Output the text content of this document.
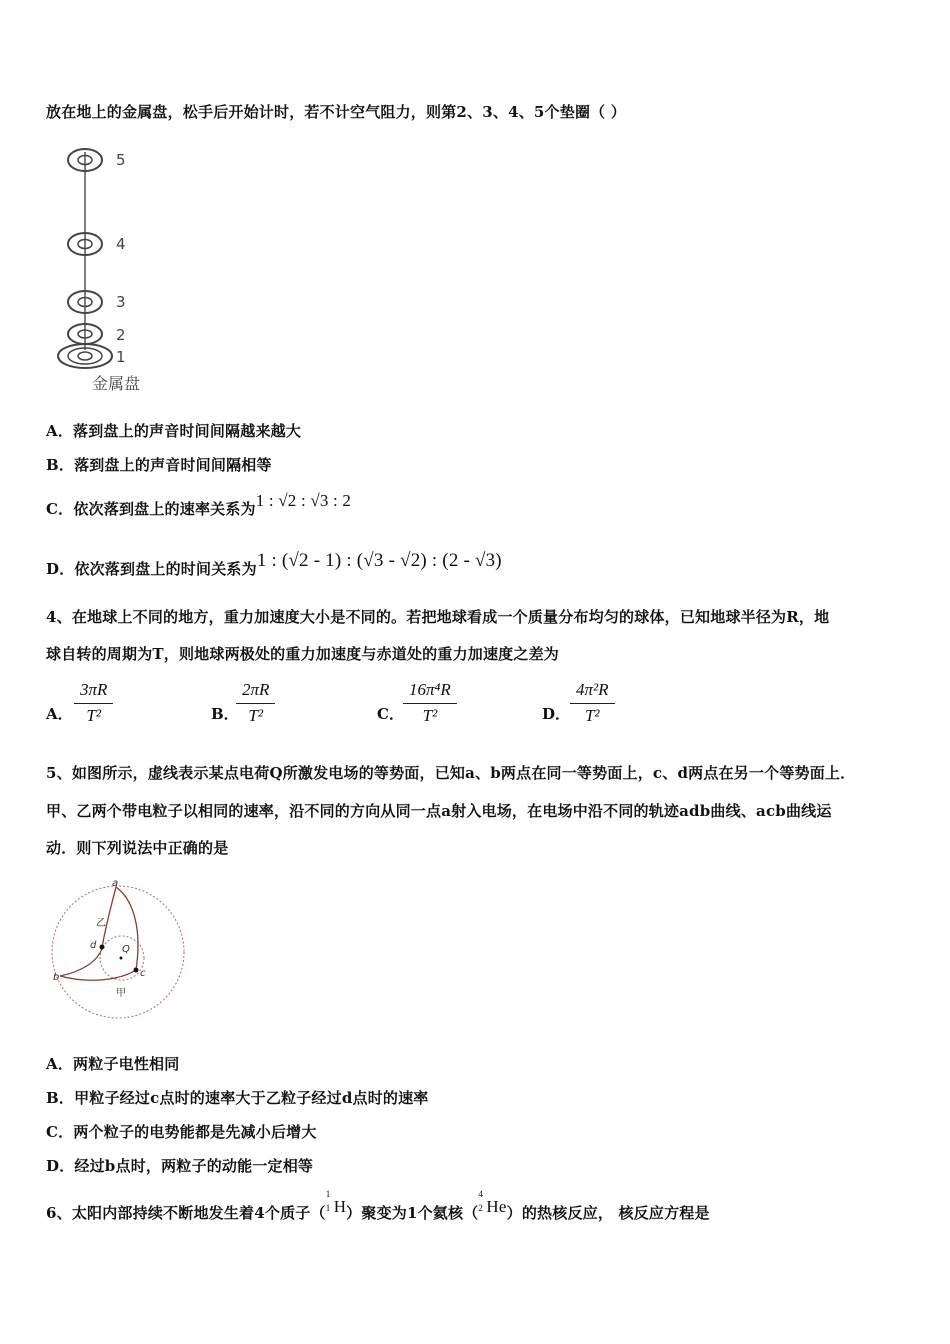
放在地上的金属盘，松手后开始计时，若不计空气阻力，则第2、3、4、5个垫圈（ ）
5
4
3
2
1
金属盘
A．落到盘上的声音时间间隔越来越大
B．落到盘上的声音时间间隔相等
C．依次落到盘上的速率关系为1 : √2 : √3 : 2
D．依次落到盘上的时间关系为1 : (√2 - 1) : (√3 - √2) : (2 - √3)
4、在地球上不同的地方，重力加速度大小是不同的。若把地球看成一个质量分布均匀的球体，已知地球半径为R，地
球自转的周期为T，则地球两极处的重力加速度与赤道处的重力加速度之差为
A． $\frac{3\pi R}{\text{T²}}$	B．
$\frac{2\pi R}{\text{T²}}$	C． $\frac{\text{16π⁴R}}{\text{T²}}$	D． $\frac{\text{4π²R}}{\text{T²}}$
5、如图所示，虚线表示某点电荷Q所激发电场的等势面，已知a、b两点在同一等势面上，c、d两点在另一个等势面上．
甲、乙两个带电粒子以相同的速率，沿不同的方向从同一点a射入电场，在电场中沿不同的轨迹adb曲线、acb曲线运
动．则下列说法中正确的是
a
b	c
d	Q
乙
甲
A．两粒子电性相同
B．甲粒子经过c点时的速率大于乙粒子经过d点时的速率
C．两个粒子的电势能都是先减小后增大
D．经过b点时，两粒子的动能一定相等
6、太阳内部持续不断地发生着4个质子（
1
1 H）聚变为1个氦核（
4
2 He）的热核反应， 核反应方程是
